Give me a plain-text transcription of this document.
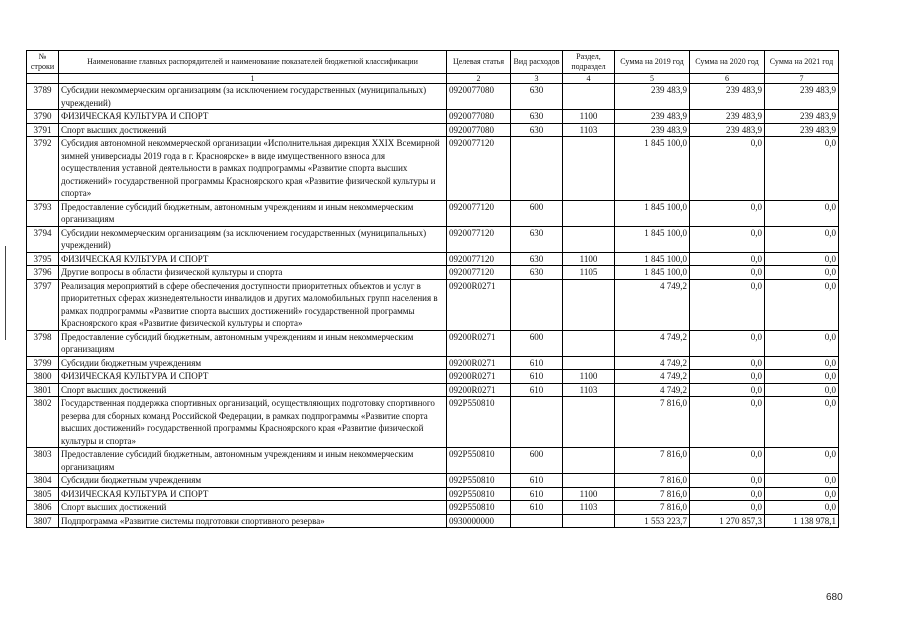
№ строки	Наименование главных распорядителей и наименование показателей бюджетной классификации	Целевая статья	Вид расходов	Раздел, подраздел	Сумма на 2019 год	Сумма на 2020 год	Сумма на 2021 год
	1	2	3	4	5	6	7
3789	Субсидии некоммерческим организациям (за исключением государственных (муниципальных) учреждений)	0920077080	630		239 483,9	239 483,9	239 483,9
3790	ФИЗИЧЕСКАЯ КУЛЬТУРА И СПОРТ	0920077080	630	1100	239 483,9	239 483,9	239 483,9
3791	Спорт высших достижений	0920077080	630	1103	239 483,9	239 483,9	239 483,9
3792	Субсидия автономной некоммерческой организации «Исполнительная дирекция XXIX Всемирной зимней универсиады 2019 года в г. Красноярске» в виде имущественного взноса для осуществления уставной деятельности в рамках подпрограммы «Развитие спорта высших достижений» государственной программы Красноярского края «Развитие физической культуры и спорта»	0920077120			1 845 100,0	0,0	0,0
3793	Предоставление субсидий бюджетным, автономным учреждениям и иным некоммерческим организациям	0920077120	600		1 845 100,0	0,0	0,0
3794	Субсидии некоммерческим организациям (за исключением государственных (муниципальных) учреждений)	0920077120	630		1 845 100,0	0,0	0,0
3795	ФИЗИЧЕСКАЯ КУЛЬТУРА И СПОРТ	0920077120	630	1100	1 845 100,0	0,0	0,0
3796	Другие вопросы в области физической культуры и спорта	0920077120	630	1105	1 845 100,0	0,0	0,0
3797	Реализация мероприятий в сфере обеспечения доступности приоритетных объектов и услуг в приоритетных сферах жизнедеятельности инвалидов и других маломобильных групп населения в рамках подпрограммы «Развитие спорта высших достижений» государственной программы Красноярского края «Развитие физической культуры и спорта»	09200R0271			4 749,2	0,0	0,0
3798	Предоставление субсидий бюджетным, автономным учреждениям и иным некоммерческим организациям	09200R0271	600		4 749,2	0,0	0,0
3799	Субсидии бюджетным учреждениям	09200R0271	610		4 749,2	0,0	0,0
3800	ФИЗИЧЕСКАЯ КУЛЬТУРА И СПОРТ	09200R0271	610	1100	4 749,2	0,0	0,0
3801	Спорт высших достижений	09200R0271	610	1103	4 749,2	0,0	0,0
3802	Государственная поддержка спортивных организаций, осуществляющих подготовку спортивного резерва для сборных команд Российской Федерации, в рамках подпрограммы «Развитие спорта высших достижений» государственной программы Красноярского края «Развитие физической культуры и спорта»	092P550810			7 816,0	0,0	0,0
3803	Предоставление субсидий бюджетным, автономным учреждениям и иным некоммерческим организациям	092P550810	600		7 816,0	0,0	0,0
3804	Субсидии бюджетным учреждениям	092P550810	610		7 816,0	0,0	0,0
3805	ФИЗИЧЕСКАЯ КУЛЬТУРА И СПОРТ	092P550810	610	1100	7 816,0	0,0	0,0
3806	Спорт высших достижений	092P550810	610	1103	7 816,0	0,0	0,0
3807	Подпрограмма «Развитие системы подготовки спортивного резерва»	0930000000			1 553 223,7	1 270 857,3	1 138 978,1
680
